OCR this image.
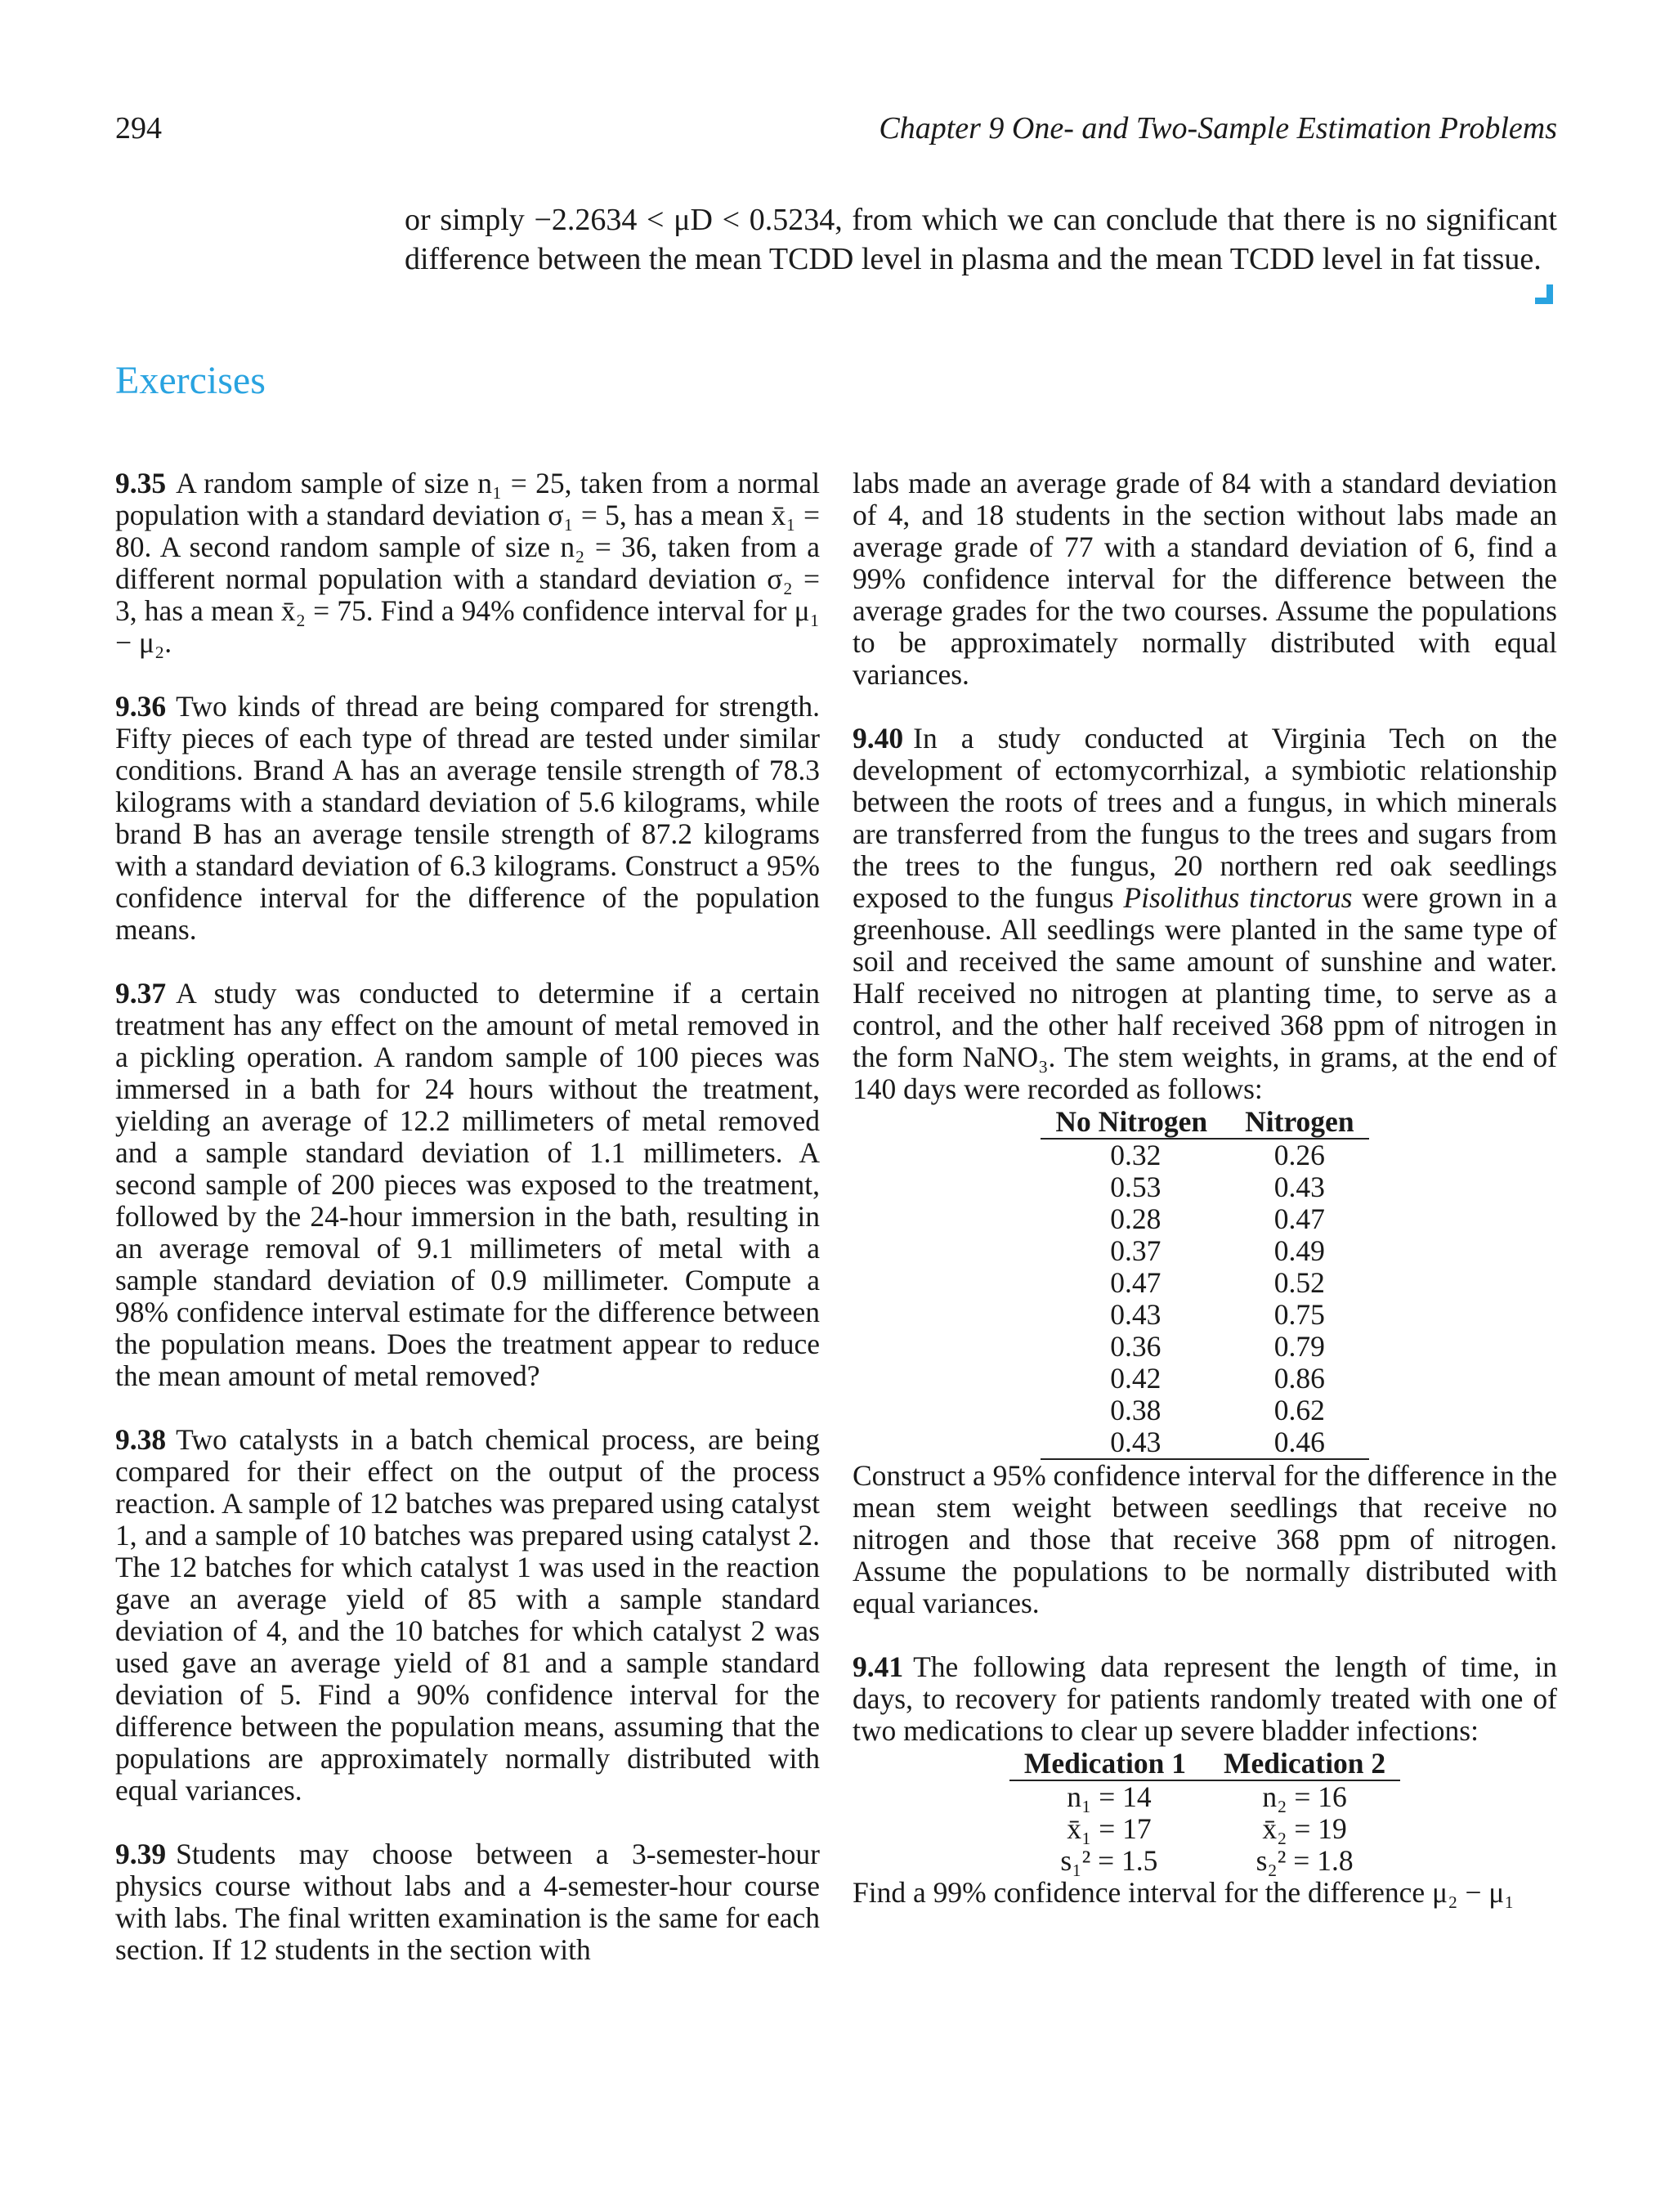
294	Chapter 9 One- and Two-Sample Estimation Problems
or simply −2.2634 < μD < 0.5234, from which we can conclude that there is no significant difference between the mean TCDD level in plasma and the mean TCDD level in fat tissue.
Exercises

9.35 A random sample of size n₁ = 25, taken from a normal population with a standard deviation σ₁ = 5, has a mean x̄₁ = 80. A second random sample of size n₂ = 36, taken from a different normal population with a standard deviation σ₂ = 3, has a mean x̄₂ = 75. Find a 94% confidence interval for μ₁ − μ₂.

9.36 Two kinds of thread are being compared for strength. Fifty pieces of each type of thread are tested under similar conditions. Brand A has an average tensile strength of 78.3 kilograms with a standard deviation of 5.6 kilograms, while brand B has an average tensile strength of 87.2 kilograms with a standard deviation of 6.3 kilograms. Construct a 95% confidence interval for the difference of the population means.

9.37 A study was conducted to determine if a certain treatment has any effect on the amount of metal removed in a pickling operation. A random sample of 100 pieces was immersed in a bath for 24 hours without the treatment, yielding an average of 12.2 millimeters of metal removed and a sample standard deviation of 1.1 millimeters. A second sample of 200 pieces was exposed to the treatment, followed by the 24-hour immersion in the bath, resulting in an average removal of 9.1 millimeters of metal with a sample standard deviation of 0.9 millimeter. Compute a 98% confidence interval estimate for the difference between the population means. Does the treatment appear to reduce the mean amount of metal removed?

9.38 Two catalysts in a batch chemical process, are being compared for their effect on the output of the process reaction. A sample of 12 batches was prepared using catalyst 1, and a sample of 10 batches was prepared using catalyst 2. The 12 batches for which catalyst 1 was used in the reaction gave an average yield of 85 with a sample standard deviation of 4, and the 10 batches for which catalyst 2 was used gave an average yield of 81 and a sample standard deviation of 5. Find a 90% confidence interval for the difference between the population means, assuming that the populations are approximately normally distributed with equal variances.

9.39 Students may choose between a 3-semester-hour physics course without labs and a 4-semester-hour course with labs. The final written examination is the same for each section. If 12 students in the section with

labs made an average grade of 84 with a standard deviation of 4, and 18 students in the section without labs made an average grade of 77 with a standard deviation of 6, find a 99% confidence interval for the difference between the average grades for the two courses. Assume the populations to be approximately normally distributed with equal variances.

9.40 In a study conducted at Virginia Tech on the development of ectomycorrhizal, a symbiotic relationship between the roots of trees and a fungus, in which minerals are transferred from the fungus to the trees and sugars from the trees to the fungus, 20 northern red oak seedlings exposed to the fungus Pisolithus tinctorus were grown in a greenhouse. All seedlings were planted in the same type of soil and received the same amount of sunshine and water. Half received no nitrogen at planting time, to serve as a control, and the other half received 368 ppm of nitrogen in the form NaNO₃. The stem weights, in grams, at the end of 140 days were recorded as follows:
No Nitrogen	Nitrogen
0.32	0.26
0.53	0.43
0.28	0.47
0.37	0.49
0.47	0.52
0.43	0.75
0.36	0.79
0.42	0.86
0.38	0.62
0.43	0.46
Construct a 95% confidence interval for the difference in the mean stem weight between seedlings that receive no nitrogen and those that receive 368 ppm of nitrogen. Assume the populations to be normally distributed with equal variances.
9.41 The following data represent the length of time, in days, to recovery for patients randomly treated with one of two medications to clear up severe bladder infections:
Medication 1	Medication 2
n₁ = 14	n₂ = 16
x̄₁ = 17	x̄₂ = 19
s₁² = 1.5	s₂² = 1.8
Find a 99% confidence interval for the difference μ₂ − μ₁
